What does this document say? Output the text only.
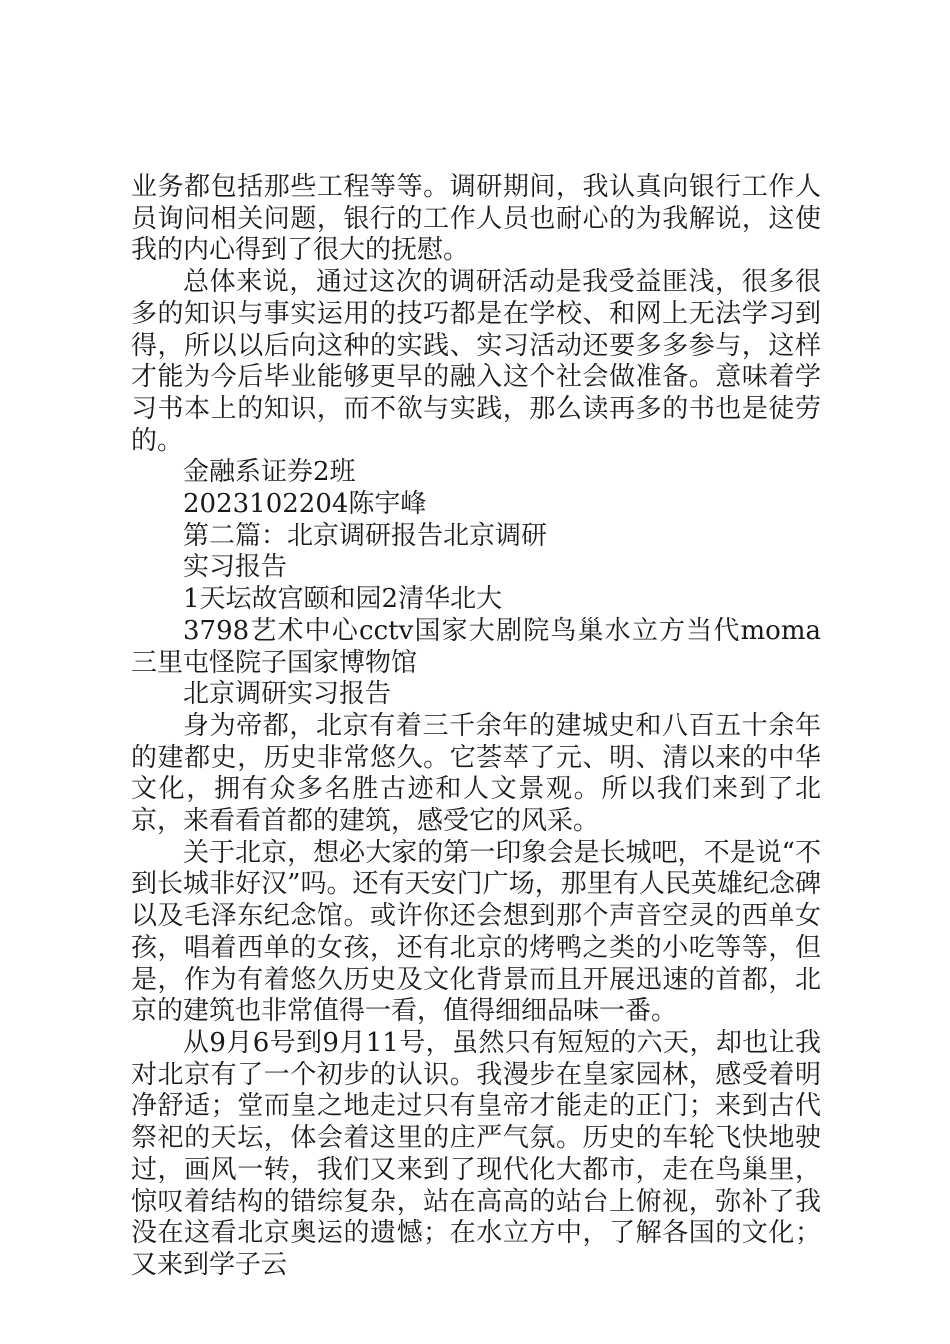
业务都包括那些工程等等。调研期间，我认真向银行工作人员询问相关问题，银行的工作人员也耐心的为我解说，这使我的内心得到了很大的抚慰。

总体来说，通过这次的调研活动是我受益匪浅，很多很多的知识与事实运用的技巧都是在学校、和网上无法学习到得，所以以后向这种的实践、实习活动还要多多参与，这样才能为今后毕业能够更早的融入这个社会做准备。意味着学习书本上的知识，而不欲与实践，那么读再多的书也是徒劳的。

金融系证券2班

2023102204陈宇峰

第二篇：北京调研报告北京调研

实习报告

1天坛故宫颐和园2清华北大

3798艺术中心cctv国家大剧院鸟巢水立方当代moma三里屯怪院子国家博物馆

北京调研实习报告

身为帝都，北京有着三千余年的建城史和八百五十余年的建都史，历史非常悠久。它荟萃了元、明、清以来的中华文化，拥有众多名胜古迹和人文景观。所以我们来到了北京，来看看首都的建筑，感受它的风采。

关于北京，想必大家的第一印象会是长城吧，不是说“不到长城非好汉”吗。还有天安门广场，那里有人民英雄纪念碑以及毛泽东纪念馆。或许你还会想到那个声音空灵的西单女孩，唱着西单的女孩，还有北京的烤鸭之类的小吃等等，但是，作为有着悠久历史及文化背景而且开展迅速的首都，北京的建筑也非常值得一看，值得细细品味一番。

从9月6号到9月11号，虽然只有短短的六天，却也让我对北京有了一个初步的认识。我漫步在皇家园林，感受着明净舒适；堂而皇之地走过只有皇帝才能走的正门；来到古代祭祀的天坛，体会着这里的庄严气氛。历史的车轮飞快地驶过，画风一转，我们又来到了现代化大都市，走在鸟巢里，惊叹着结构的错综复杂，站在高高的站台上俯视，弥补了我没在这看北京奥运的遗憾；在水立方中，了解各国的文化；又来到学子云
